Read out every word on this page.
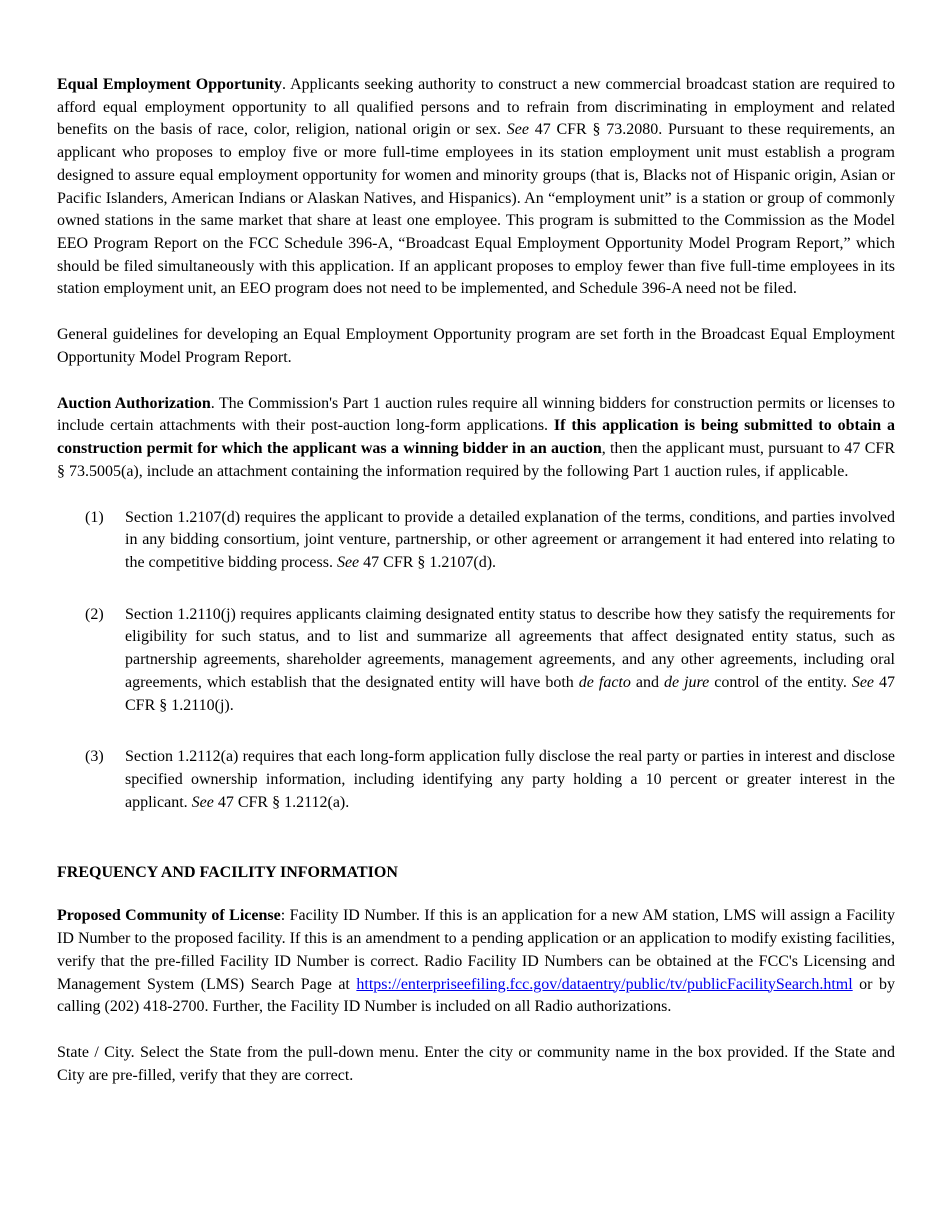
Equal Employment Opportunity. Applicants seeking authority to construct a new commercial broadcast station are required to afford equal employment opportunity to all qualified persons and to refrain from discriminating in employment and related benefits on the basis of race, color, religion, national origin or sex. See 47 CFR § 73.2080. Pursuant to these requirements, an applicant who proposes to employ five or more full-time employees in its station employment unit must establish a program designed to assure equal employment opportunity for women and minority groups (that is, Blacks not of Hispanic origin, Asian or Pacific Islanders, American Indians or Alaskan Natives, and Hispanics). An “employment unit” is a station or group of commonly owned stations in the same market that share at least one employee. This program is submitted to the Commission as the Model EEO Program Report on the FCC Schedule 396-A, “Broadcast Equal Employment Opportunity Model Program Report,” which should be filed simultaneously with this application. If an applicant proposes to employ fewer than five full-time employees in its station employment unit, an EEO program does not need to be implemented, and Schedule 396-A need not be filed.

General guidelines for developing an Equal Employment Opportunity program are set forth in the Broadcast Equal Employment Opportunity Model Program Report.

Auction Authorization. The Commission's Part 1 auction rules require all winning bidders for construction permits or licenses to include certain attachments with their post-auction long-form applications. If this application is being submitted to obtain a construction permit for which the applicant was a winning bidder in an auction, then the applicant must, pursuant to 47 CFR § 73.5005(a), include an attachment containing the information required by the following Part 1 auction rules, if applicable.

(1)	Section 1.2107(d) requires the applicant to provide a detailed explanation of the terms, conditions, and parties involved in any bidding consortium, joint venture, partnership, or other agreement or arrangement it had entered into relating to the competitive bidding process. See 47 CFR § 1.2107(d).
(2)	Section 1.2110(j) requires applicants claiming designated entity status to describe how they satisfy the requirements for eligibility for such status, and to list and summarize all agreements that affect designated entity status, such as partnership agreements, shareholder agreements, management agreements, and any other agreements, including oral agreements, which establish that the designated entity will have both de facto and de jure control of the entity. See 47 CFR § 1.2110(j).
(3)	Section 1.2112(a) requires that each long-form application fully disclose the real party or parties in interest and disclose specified ownership information, including identifying any party holding a 10 percent or greater interest in the applicant. See 47 CFR § 1.2112(a).

FREQUENCY AND FACILITY INFORMATION

Proposed Community of License: Facility ID Number. If this is an application for a new AM station, LMS will assign a Facility ID Number to the proposed facility. If this is an amendment to a pending application or an application to modify existing facilities, verify that the pre-filled Facility ID Number is correct. Radio Facility ID Numbers can be obtained at the FCC's Licensing and Management System (LMS) Search Page at https://enterpriseefiling.fcc.gov/dataentry/public/tv/publicFacilitySearch.html or by calling (202) 418-2700. Further, the Facility ID Number is included on all Radio authorizations.

State / City. Select the State from the pull-down menu. Enter the city or community name in the box provided. If the State and City are pre-filled, verify that they are correct.
